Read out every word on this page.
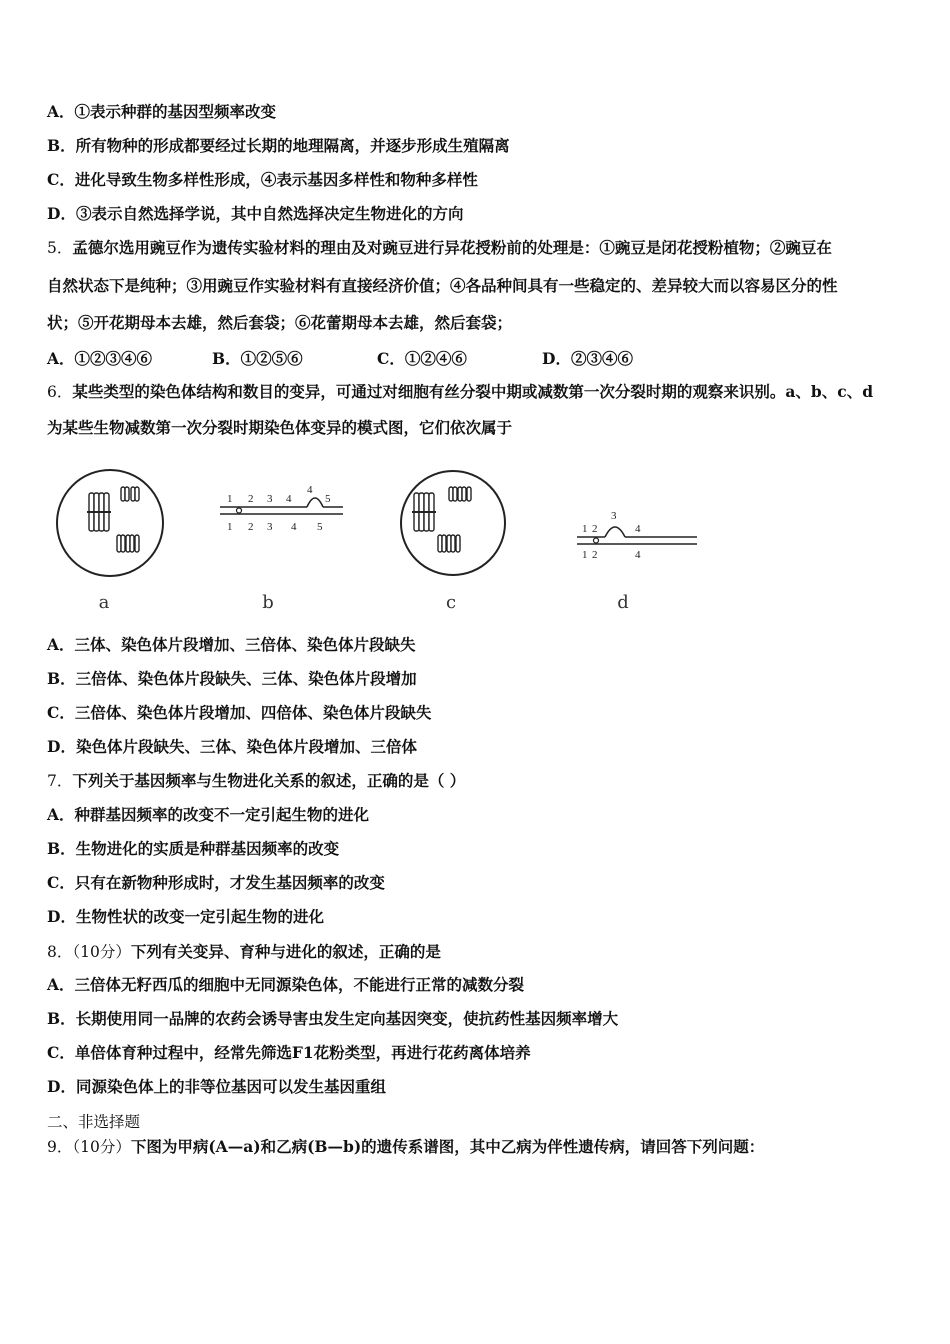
A．①表示种群的基因型频率改变
B．所有物种的形成都要经过长期的地理隔离，并逐步形成生殖隔离
C．进化导致生物多样性形成，④表示基因多样性和物种多样性
D．③表示自然选择学说，其中自然选择决定生物进化的方向
5．孟德尔选用豌豆作为遗传实验材料的理由及对豌豆进行异花授粉前的处理是：①豌豆是闭花授粉植物；②豌豆在
自然状态下是纯种；③用豌豆作实验材料有直接经济价值；④各品种间具有一些稳定的、差异较大而以容易区分的性
状；⑤开花期母本去雄，然后套袋；⑥花蕾期母本去雄，然后套袋；
A．①②③④⑥	B．①②⑤⑥	C．①②④⑥	D．②③④⑥
6．某些类型的染色体结构和数目的变异，可通过对细胞有丝分裂中期或减数第一次分裂时期的观察来识别。a、b、c、d
为某些生物减数第一次分裂时期染色体变异的模式图，它们依次属于
a
1 2 3 4
4
5
1 2 3 4 5
b	c
1 2
3
4
1 2	4
d
A．三体、染色体片段增加、三倍体、染色体片段缺失
B．三倍体、染色体片段缺失、三体、染色体片段增加
C．三倍体、染色体片段增加、四倍体、染色体片段缺失
D．染色体片段缺失、三体、染色体片段增加、三倍体
7．下列关于基因频率与生物进化关系的叙述，正确的是（ ）
A．种群基因频率的改变不一定引起生物的进化
B．生物进化的实质是种群基因频率的改变
C．只有在新物种形成时，才发生基因频率的改变
D．生物性状的改变一定引起生物的进化
8．（10分）下列有关变异、育种与进化的叙述，正确的是
A．三倍体无籽西瓜的细胞中无同源染色体，不能进行正常的减数分裂
B．长期使用同一品牌的农药会诱导害虫发生定向基因突变，使抗药性基因频率增大
C．单倍体育种过程中，经常先筛选F1花粉类型，再进行花药离体培养
D．同源染色体上的非等位基因可以发生基因重组
二、非选择题
9．（10分）下图为甲病(A—a)和乙病(B—b)的遗传系谱图，其中乙病为伴性遗传病，请回答下列问题：
